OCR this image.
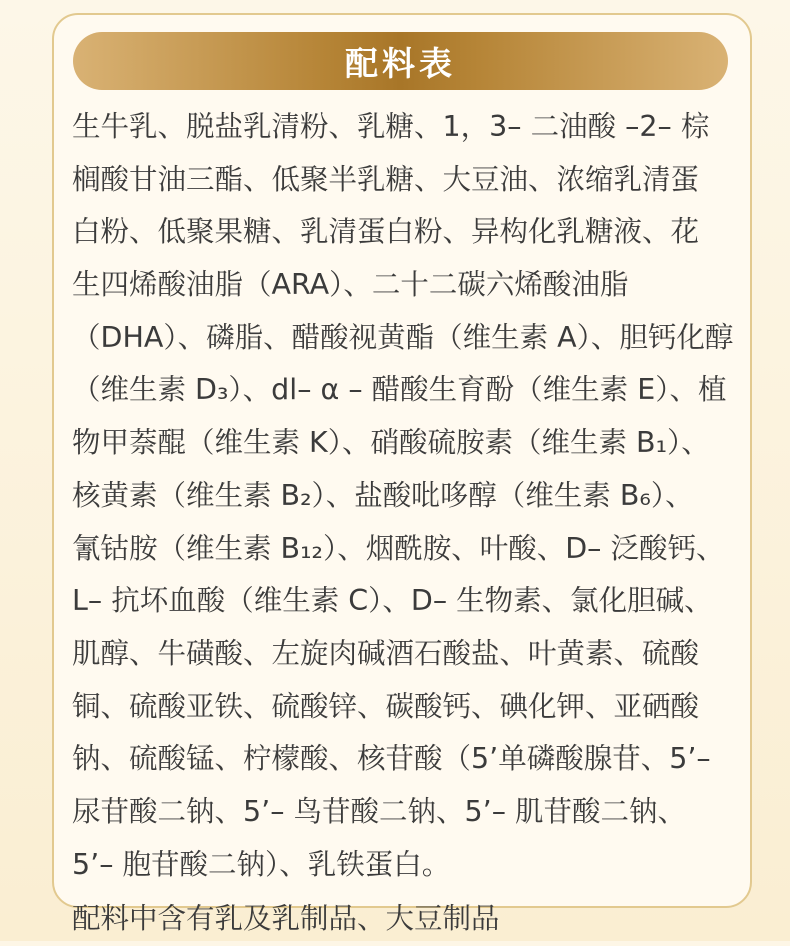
配料表
生牛乳、脱盐乳清粉、乳糖、1，3– 二油酸 –2– 棕
榈酸甘油三酯、低聚半乳糖、大豆油、浓缩乳清蛋
白粉、低聚果糖、乳清蛋白粉、异构化乳糖液、花
生四烯酸油脂（ARA）、二十二碳六烯酸油脂
（DHA）、磷脂、醋酸视黄酯（维生素 A）、胆钙化醇
（维生素 D₃）、dl– α – 醋酸生育酚（维生素 E）、植
物甲萘醌（维生素 K）、硝酸硫胺素（维生素 B₁）、
核黄素（维生素 B₂）、盐酸吡哆醇（维生素 B₆）、
氰钴胺（维生素 B₁₂）、烟酰胺、叶酸、D– 泛酸钙、
L– 抗坏血酸（维生素 C）、D– 生物素、氯化胆碱、
肌醇、牛磺酸、左旋肉碱酒石酸盐、叶黄素、硫酸
铜、硫酸亚铁、硫酸锌、碳酸钙、碘化钾、亚硒酸
钠、硫酸锰、柠檬酸、核苷酸（5’单磷酸腺苷、5’–
尿苷酸二钠、5’– 鸟苷酸二钠、5’– 肌苷酸二钠、
5’– 胞苷酸二钠）、乳铁蛋白。
配料中含有乳及乳制品、大豆制品
